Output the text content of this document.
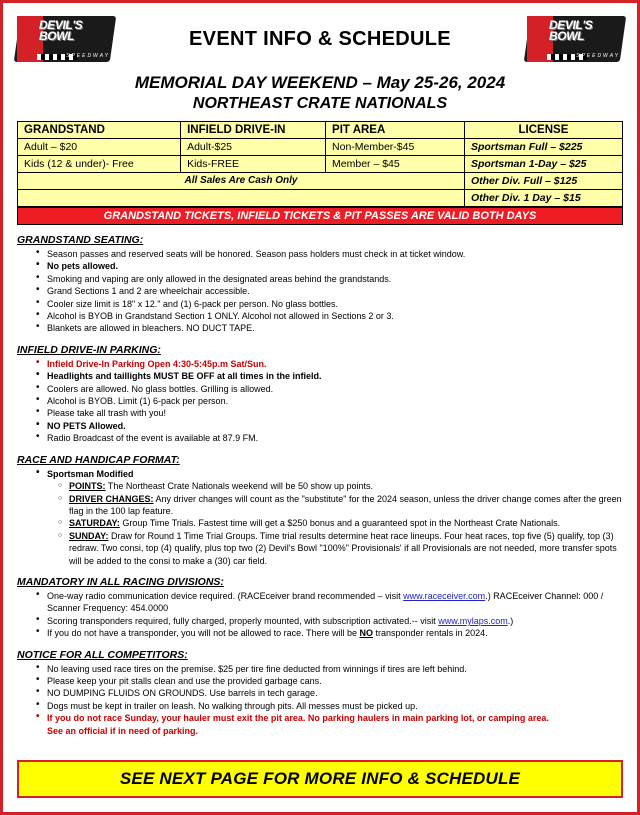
DEVIL'S BOWL
SPEEDWAY
EVENT INFO & SCHEDULE
DEVIL'S BOWL
SPEEDWAY
MEMORIAL DAY WEEKEND – May 25-26, 2024
NORTHEAST CRATE NATIONALS
GRANDSTAND	INFIELD DRIVE-IN	PIT AREA	LICENSE
Adult – $20	Adult-$25	Non-Member-$45	Sportsman Full – $225
Kids (12 & under)- Free	Kids-FREE	Member – $45	Sportsman 1-Day – $25
All Sales Are Cash Only	Other Div. Full – $125

Other Div. 1 Day – $15
GRANDSTAND TICKETS, INFIELD TICKETS & PIT PASSES ARE VALID BOTH DAYS
GRANDSTAND SEATING:
• Season passes and reserved seats will be honored. Season pass holders must check in at ticket window.
• No pets allowed.
• Smoking and vaping are only allowed in the designated areas behind the grandstands.
• Grand Sections 1 and 2 are wheelchair accessible.
• Cooler size limit is 18" x 12." and (1) 6-pack per person. No glass bottles.
• Alcohol is BYOB in Grandstand Section 1 ONLY. Alcohol not allowed in Sections 2 or 3.
• Blankets are allowed in bleachers. NO DUCT TAPE.
INFIELD DRIVE-IN PARKING:
• Infield Drive-In Parking Open 4:30-5:45p.m Sat/Sun.
• Headlights and taillights MUST BE OFF at all times in the infield.
• Coolers are allowed. No glass bottles. Grilling is allowed.
• Alcohol is BYOB. Limit (1) 6-pack per person.
• Please take all trash with you!
• NO PETS Allowed.
• Radio Broadcast of the event is available at 87.9 FM.
RACE AND HANDICAP FORMAT:
• Sportsman Modified
○ POINTS: The Northeast Crate Nationals weekend will be 50 show up points.
○ DRIVER CHANGES: Any driver changes will count as the "substitute" for the 2024 season, unless the driver change comes after the green flag in the 100 lap feature.
○ SATURDAY: Group Time Trials. Fastest time will get a $250 bonus and a guaranteed spot in the Northeast Crate Nationals.
○ SUNDAY: Draw for Round 1 Time Trial Groups. Time trial results determine heat race lineups. Four heat races, top five (5) qualify, top (3) redraw. Two consi, top (4) qualify, plus top two (2) Devil's Bowl "100%" Provisionals' if all Provisionals are not needed, more transfer spots will be added to the consi to make a (30) car field.
MANDATORY IN ALL RACING DIVISIONS:
• One-way radio communication device required. (RACEceiver brand recommended – visit www.raceceiver.com.) RACEceiver Channel: 000 / Scanner Frequency: 454.0000
• Scoring transponders required, fully charged, properly mounted, with subscription activated.-- visit www.mylaps.com.)
• If you do not have a transponder, you will not be allowed to race. There will be NO transponder rentals in 2024.
NOTICE FOR ALL COMPETITORS:
• No leaving used race tires on the premise. $25 per tire fine deducted from winnings if tires are left behind.
• Please keep your pit stalls clean and use the provided garbage cans.
• NO DUMPING FLUIDS ON GROUNDS. Use barrels in tech garage.
• Dogs must be kept in trailer on leash. No walking through pits. All messes must be picked up.
• If you do not race Sunday, your hauler must exit the pit area. No parking haulers in main parking lot, or camping area.
See an official if in need of parking.
SEE NEXT PAGE FOR MORE INFO & SCHEDULE
